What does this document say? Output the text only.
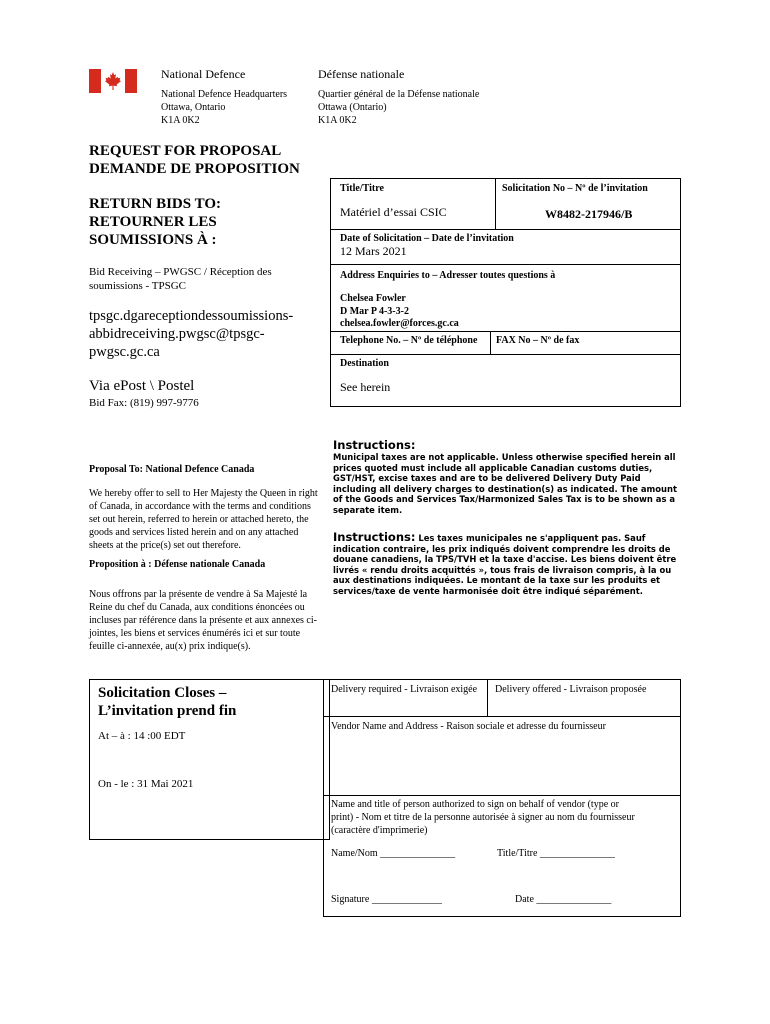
National Defence	Défense nationale
National Defence Headquarters
Ottawa, Ontario
K1A 0K2
Quartier général de la Défense nationale
Ottawa (Ontario)
K1A 0K2
REQUEST FOR PROPOSAL
DEMANDE DE PROPOSITION
RETURN BIDS TO:
RETOURNER LES
SOUMISSIONS À :
Bid Receiving – PWGSC / Réception des
soumissions - TPSGC
tpsgc.dgareceptiondessoumissions-
abbidreceiving.pwgsc@tpsgc-
pwgsc.gc.ca
Via ePost \ Postel
Bid Fax: (819) 997-9776
Title/Titre
Matériel d’essai CSIC
Solicitation No – Nº de l’invitation
W8482-217946/B
Date of Solicitation – Date de l’invitation
12 Mars 2021
Address Enquiries to – Adresser toutes questions à
Chelsea Fowler
D Mar P 4-3-3-2
chelsea.fowler@forces.gc.ca
Telephone No. – Nº de téléphone FAX No – Nº de fax
Destination
See herein
Instructions:
Municipal taxes are not applicable. Unless otherwise specified herein all prices quoted must include all applicable Canadian customs duties, GST/HST, excise taxes and are to be delivered Delivery Duty Paid including all delivery charges to destination(s) as indicated. The amount of the Goods and Services Tax/Harmonized Sales Tax is to be shown as a separate item.
Instructions: Les taxes municipales ne s'appliquent pas. Sauf indication contraire, les prix indiqués doivent comprendre les droits de douane canadiens, la TPS/TVH et la taxe d'accise. Les biens doivent être livrés « rendu droits acquittés », tous frais de livraison compris, à la ou aux destinations indiquées. Le montant de la taxe sur les produits et services/taxe de vente harmonisée doit être indiqué séparément.
Proposal To: National Defence Canada
We hereby offer to sell to Her Majesty the Queen in right of Canada, in accordance with the terms and conditions set out herein, referred to herein or attached hereto, the goods and services listed herein and on any attached sheets at the price(s) set out therefore.
Proposition à : Défense nationale Canada
Nous offrons par la présente de vendre à Sa Majesté la Reine du chef du Canada, aux conditions énoncées ou incluses par référence dans la présente et aux annexes ci-jointes, les biens et services énumérés ici et sur toute feuille ci-annexée, au(x) prix indique(s).
Solicitation Closes –
L’invitation prend fin
At – à : 14 :00 EDT
On - le : 31 Mai 2021
Delivery required - Livraison exigée Delivery offered - Livraison proposée
Vendor Name and Address - Raison sociale et adresse du fournisseur
Name and title of person authorized to sign on behalf of vendor (type or print) - Nom et titre de la personne autorisée à signer au nom du fournisseur (caractère d'imprimerie)
Name/Nom _______________	Title/Titre _______________
Signature ______________	Date _______________
